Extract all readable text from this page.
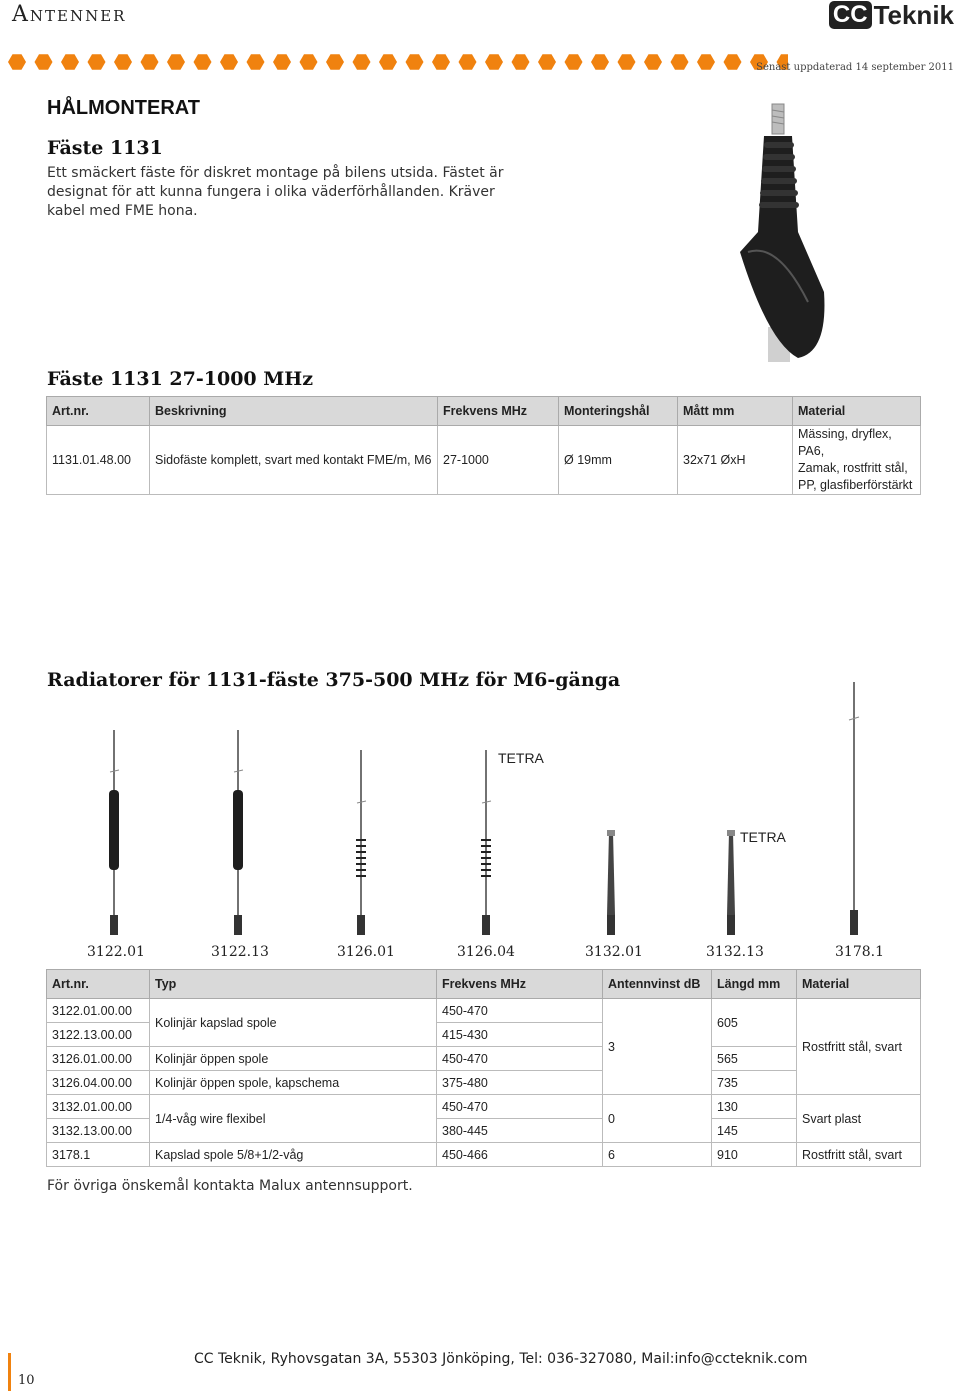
Antenner	CC Teknik
Senast uppdaterad 14 september 2011
HÅLMONTERAT
Fäste 1131
Ett smäckert fäste för diskret montage på bilens utsida. Fästet är
designat för att kunna fungera i olika väderförhållanden. Kräver
kabel med FME hona.
Fäste 1131 27-1000 MHz
Art.nr.	Beskrivning	Frekvens MHz	Monteringshål	Mått mm	Material
1131.01.48.00	Sidofäste komplett, svart med kontakt FME/m, M6	27-1000	Ø 19mm	32x71 ØxH	Mässing, dryflex, PA6,
Zamak, rostfritt stål,
PP, glasfiberförstärkt
Radiatorer för 1131-fäste 375-500 MHz för M6-gänga
TETRA
TETRA
3122.01	3122.13	3126.01	3126.04	3132.01	3132.13	3178.1
Art.nr.	Typ	Frekvens MHz	Antennvinst dB	Längd mm	Material
3122.01.00.00	Kolinjär kapslad spole	450-470	3	605	Rostfritt stål, svart
3122.13.00.00		415-430			
3126.01.00.00	Kolinjär öppen spole	450-470		565	
3126.04.00.00	Kolinjär öppen spole, kapschema	375-480		735	
3132.01.00.00	1/4-våg wire flexibel	450-470	0	130	Svart plast
3132.13.00.00		380-445		145	
3178.1	Kapslad spole 5/8+1/2-våg	450-466	6	910	Rostfritt stål, svart
För övriga önskemål kontakta Malux antennsupport.
10
CC Teknik, Ryhovsgatan 3A, 55303 Jönköping, Tel: 036-327080, Mail:info@ccteknik.com
